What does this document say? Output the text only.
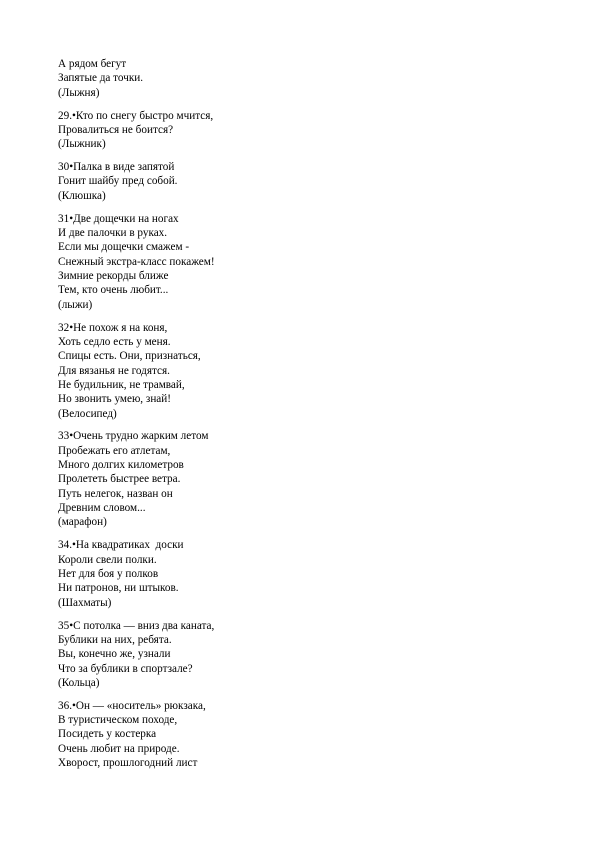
А рядом бегут
Запятые да точки.
(Лыжня)
29.•Кто по снегу быстро мчится,
Провалиться не боится?
(Лыжник)
30•Палка в виде запятой
Гонит шайбу пред собой.
(Клюшка)
31•Две дощечки на ногах
И две палочки в руках.
Если мы дощечки смажем -
Снежный экстра-класс покажем!
Зимние рекорды ближе
Тем, кто очень любит...
(лыжи)
32•Не похож я на коня,
Хоть седло есть у меня.
Спицы есть. Они, признаться,
Для вязанья не годятся.
Не будильник, не трамвай,
Но звонить умею, знай!
(Велосипед)
33•Очень трудно жарким летом
Пробежать его атлетам,
Много долгих километров
Пролететь быстрее ветра.
Путь нелегок, назван он
Древним словом...
(марафон)
34.•На квадратиках  доски
Короли свели полки.
Нет для боя у полков
Ни патронов, ни штыков.
(Шахматы)
35•С потолка — вниз два каната,
Бублики на них, ребята.
Вы, конечно же, узнали
Что за бублики в спортзале?
(Кольца)
36.•Он — «носитель» рюкзака,
В туристическом походе,
Посидеть у костерка
Очень любит на природе.
Хворост, прошлогодний лист
